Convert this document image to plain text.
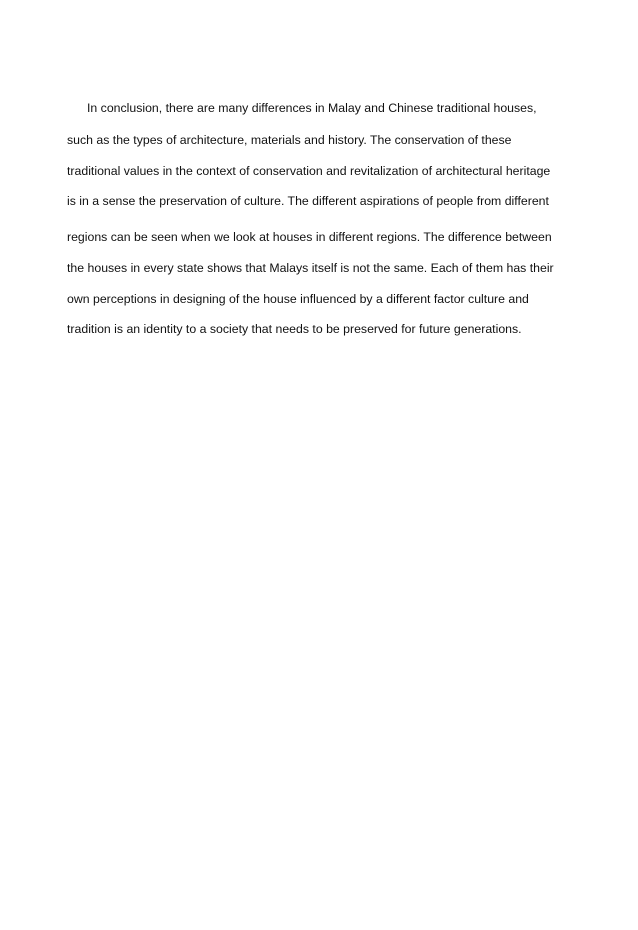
In conclusion, there are many differences in Malay and Chinese traditional houses,
such as the types of architecture, materials and history. The conservation of these
traditional values in the context of conservation and revitalization of architectural heritage
is in a sense the preservation of culture. The different aspirations of people from different
regions can be seen when we look at houses in different regions. The difference between
the houses in every state shows that Malays itself is not the same. Each of them has their
own perceptions in designing of the house influenced by a different factor culture and
tradition is an identity to a society that needs to be preserved for future generations.
